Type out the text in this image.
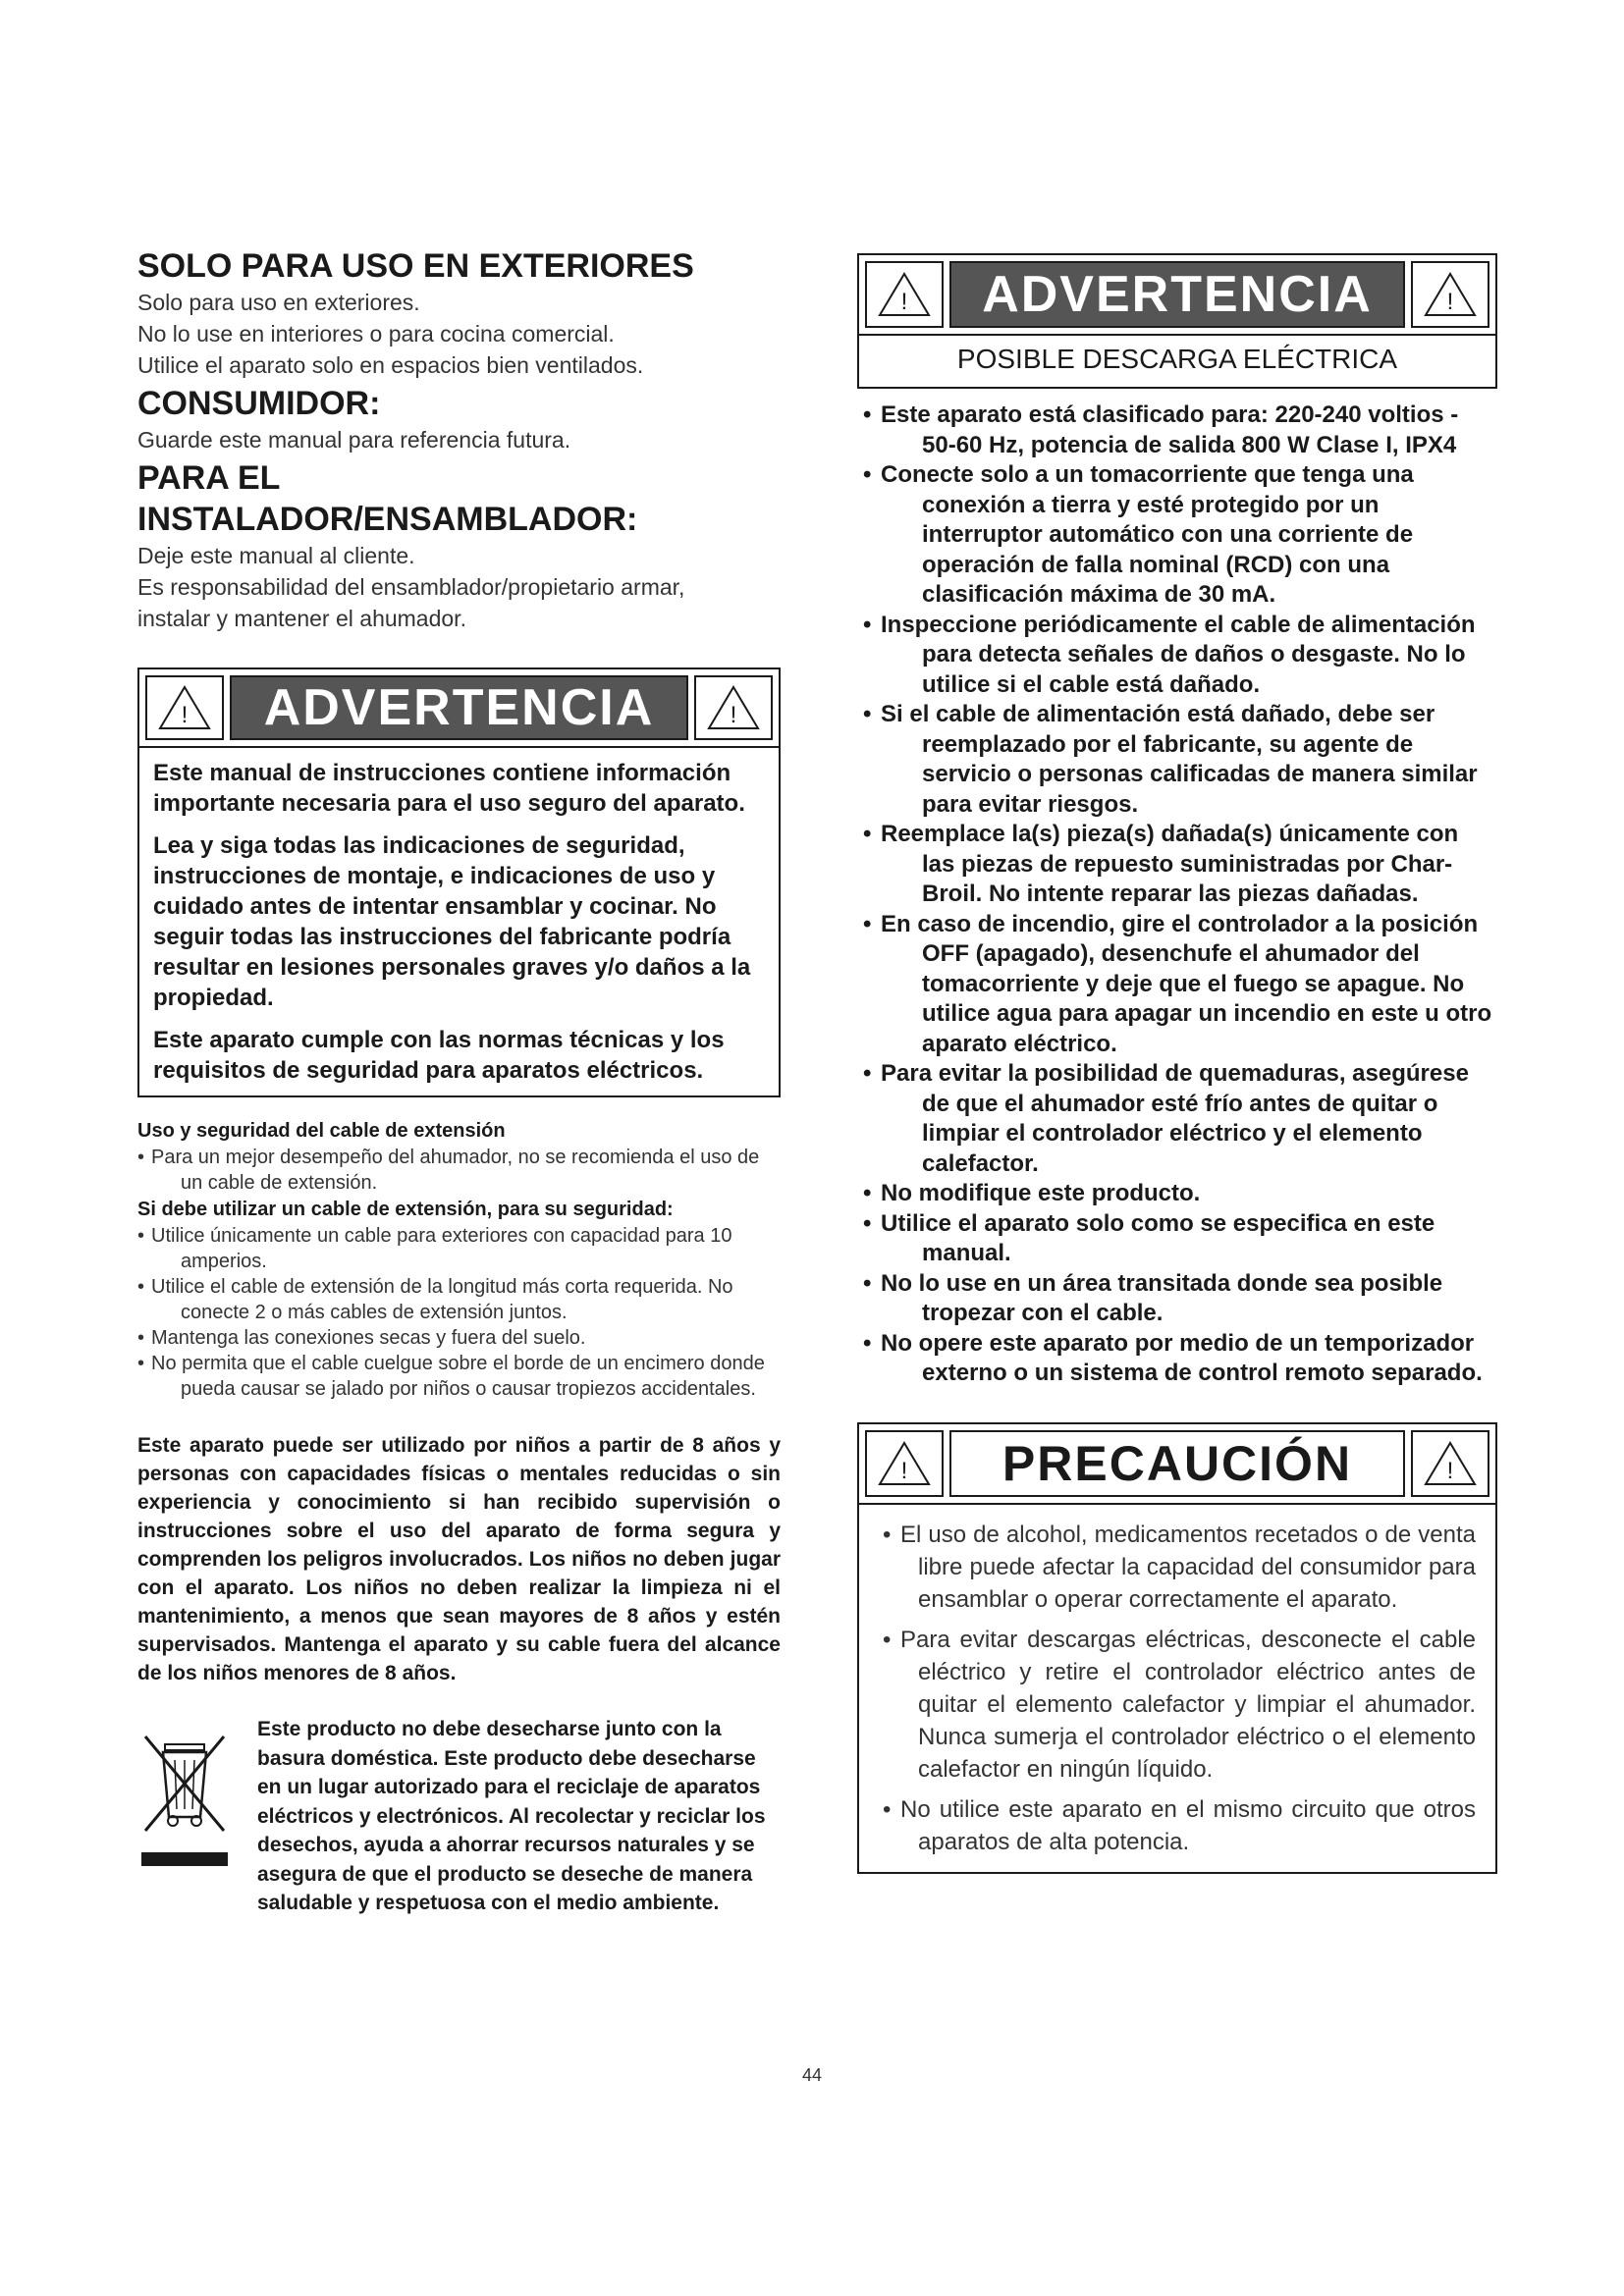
SOLO PARA USO EN EXTERIORES

Solo para uso en exteriores.

No lo use en interiores o para cocina comercial.

Utilice el aparato solo en espacios bien ventilados.

CONSUMIDOR:

Guarde este manual para referencia futura.

PARA EL INSTALADOR/ENSAMBLADOR:

Deje este manual al cliente.

Es responsabilidad del ensamblador/propietario armar,

instalar y mantener el ahumador.

!	ADVERTENCIA	!

Este manual de instrucciones contiene información importante necesaria para el uso seguro del aparato.

Lea y siga todas las indicaciones de seguridad, instrucciones de montaje, e indicaciones de uso y cuidado antes de intentar ensamblar y cocinar. No seguir todas las instrucciones del fabricante podría resultar en lesiones personales graves y/o daños a la propiedad.

Este aparato cumple con las normas técnicas y los requisitos de seguridad para aparatos eléctricos.

Uso y seguridad del cable de extensión

• Para un mejor desempeño del ahumador, no se recomienda el uso de un cable de extensión.

Si debe utilizar un cable de extensión, para su seguridad:

• Utilice únicamente un cable para exteriores con capacidad para 10 amperios.

• Utilice el cable de extensión de la longitud más corta requerida. No conecte 2 o más cables de extensión juntos.

• Mantenga las conexiones secas y fuera del suelo.

• No permita que el cable cuelgue sobre el borde de un encimero donde pueda causar se jalado por niños o causar tropiezos accidentales.

Este aparato puede ser utilizado por niños a partir de 8 años y personas con capacidades físicas o mentales reducidas o sin experiencia y conocimiento si han recibido supervisión o instrucciones sobre el uso del aparato de forma segura y comprenden los peligros involucrados. Los niños no deben jugar con el aparato. Los niños no deben realizar la limpieza ni el mantenimiento, a menos que sean mayores de 8 años y estén supervisados. Mantenga el aparato y su cable fuera del alcance de los niños menores de 8 años.

Este producto no debe desecharse junto con la basura doméstica. Este producto debe desecharse en un lugar autorizado para el reciclaje de aparatos eléctricos y electrónicos. Al recolectar y reciclar los desechos, ayuda a ahorrar recursos naturales y se asegura de que el producto se deseche de manera saludable y respetuosa con el medio ambiente.

!	ADVERTENCIA	!
POSIBLE DESCARGA ELÉCTRICA

• Este aparato está clasificado para: 220-240 voltios - 50-60 Hz, potencia de salida 800 W Clase I, IPX4

• Conecte solo a un tomacorriente que tenga una conexión a tierra y esté protegido por un interruptor automático con una corriente de operación de falla nominal (RCD) con una clasificación máxima de 30 mA.

• Inspeccione periódicamente el cable de alimentación para detecta señales de daños o desgaste. No lo utilice si el cable está dañado.

• Si el cable de alimentación está dañado, debe ser reemplazado por el fabricante, su agente de servicio o personas calificadas de manera similar para evitar riesgos.

• Reemplace la(s) pieza(s) dañada(s) únicamente con las piezas de repuesto suministradas por Char-Broil. No intente reparar las piezas dañadas.

• En caso de incendio, gire el controlador a la posición OFF (apagado), desenchufe el ahumador del tomacorriente y deje que el fuego se apague. No utilice agua para apagar un incendio en este u otro aparato eléctrico.

• Para evitar la posibilidad de quemaduras, asegúrese de que el ahumador esté frío antes de quitar o limpiar el controlador eléctrico y el elemento calefactor.

• No modifique este producto.

• Utilice el aparato solo como se especifica en este manual.

• No lo use en un área transitada donde sea posible tropezar con el cable.

• No opere este aparato por medio de un temporizador externo o un sistema de control remoto separado.

!	PRECAUCIÓN	!

• El uso de alcohol, medicamentos recetados o de venta libre puede afectar la capacidad del consumidor para ensamblar o operar correctamente el aparato.

• Para evitar descargas eléctricas, desconecte el cable eléctrico y retire el controlador eléctrico antes de quitar el elemento calefactor y limpiar el ahumador. Nunca sumerja el controlador eléctrico o el elemento calefactor en ningún líquido.

• No utilice este aparato en el mismo circuito que otros aparatos de alta potencia.

44
